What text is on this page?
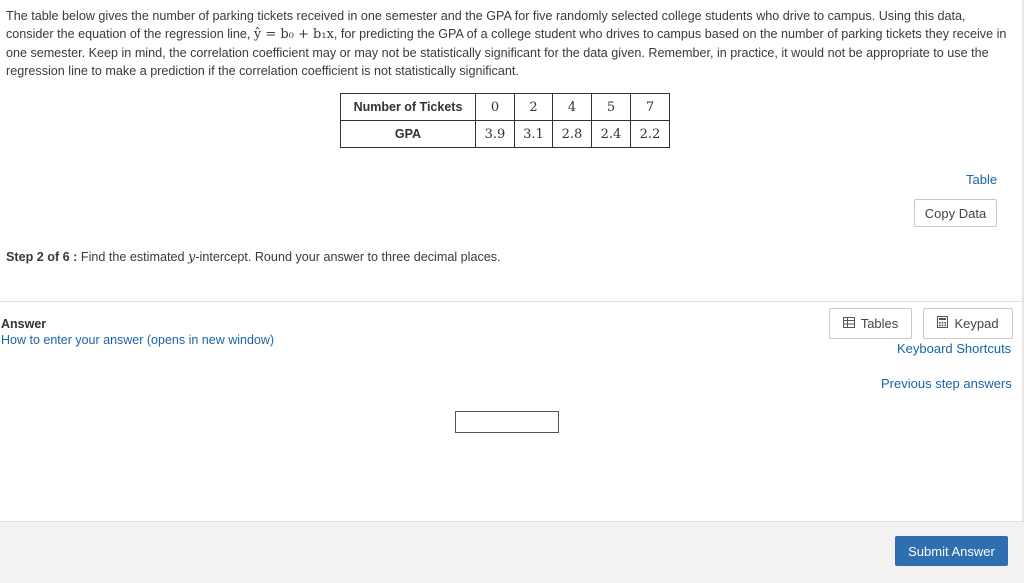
The table below gives the number of parking tickets received in one semester and the GPA for five randomly selected college students who drive to campus. Using this data, consider the equation of the regression line, ŷ = b₀ + b₁x, for predicting the GPA of a college student who drives to campus based on the number of parking tickets they receive in one semester. Keep in mind, the correlation coefficient may or may not be statistically significant for the data given. Remember, in practice, it would not be appropriate to use the regression line to make a prediction if the correlation coefficient is not statistically significant.
Number of Tickets	0	2	4	5	7
GPA	3.9	3.1	2.8	2.4	2.2
Table
Copy Data
Step 2 of 6 : Find the estimated y-intercept. Round your answer to three decimal places.
Answer
How to enter your answer (opens in new window)
Tables	Keypad
Keyboard Shortcuts
Previous step answers
Submit Answer
